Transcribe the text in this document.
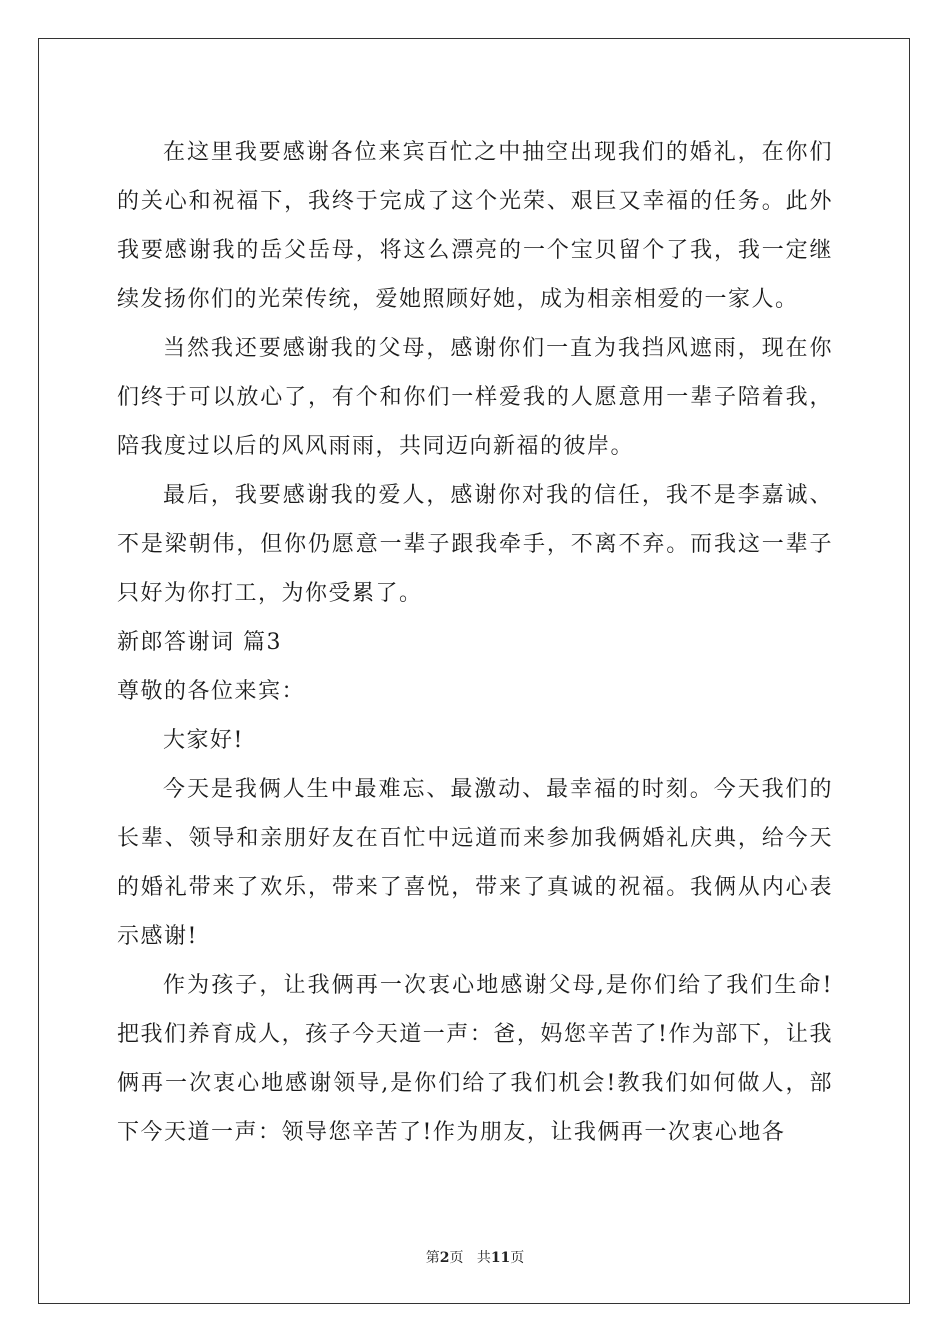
在这里我要感谢各位来宾百忙之中抽空出现我们的婚礼，在你们的关心和祝福下，我终于完成了这个光荣、艰巨又幸福的任务。此外我要感谢我的岳父岳母，将这么漂亮的一个宝贝留个了我，我一定继续发扬你们的光荣传统，爱她照顾好她，成为相亲相爱的一家人。

当然我还要感谢我的父母，感谢你们一直为我挡风遮雨，现在你们终于可以放心了，有个和你们一样爱我的人愿意用一辈子陪着我，陪我度过以后的风风雨雨，共同迈向新福的彼岸。

最后，我要感谢我的爱人，感谢你对我的信任，我不是李嘉诚、不是梁朝伟，但你仍愿意一辈子跟我牵手，不离不弃。而我这一辈子只好为你打工，为你受累了。

新郎答谢词 篇3

尊敬的各位来宾：

大家好!

今天是我俩人生中最难忘、最激动、最幸福的时刻。今天我们的长辈、领导和亲朋好友在百忙中远道而来参加我俩婚礼庆典，给今天的婚礼带来了欢乐，带来了喜悦，带来了真诚的祝福。我俩从内心表示感谢!

作为孩子，让我俩再一次衷心地感谢父母,是你们给了我们生命!把我们养育成人，孩子今天道一声：爸，妈您辛苦了!作为部下，让我俩再一次衷心地感谢领导,是你们给了我们机会!教我们如何做人，部下今天道一声：领导您辛苦了!作为朋友，让我俩再一次衷心地各

第2页 共11页
